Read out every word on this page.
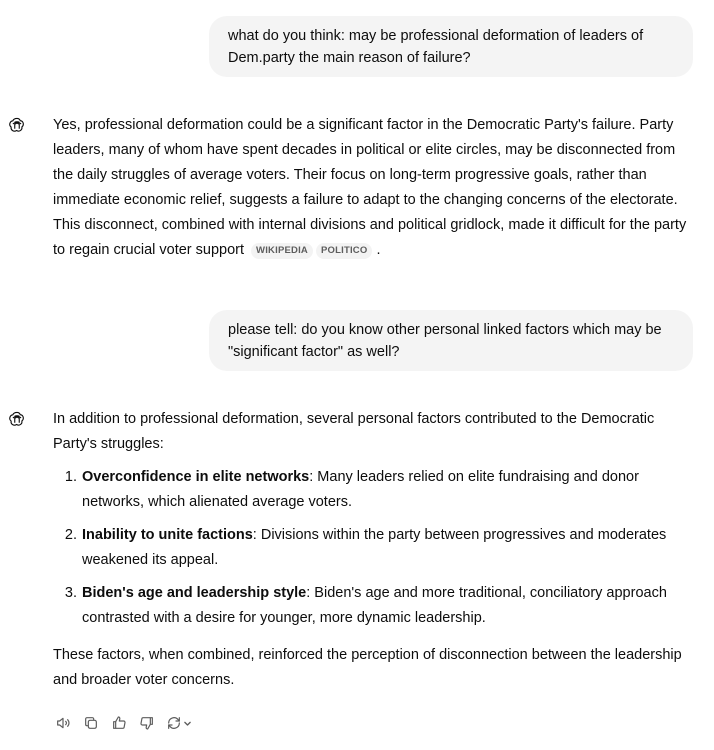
what do you think: may be professional deformation of leaders of Dem.party the main reason of failure?

Yes, professional deformation could be a significant factor in the Democratic Party's failure. Party leaders, many of whom have spent decades in political or elite circles, may be disconnected from the daily struggles of average voters. Their focus on long-term progressive goals, rather than immediate economic relief, suggests a failure to adapt to the changing concerns of the electorate. This disconnect, combined with internal divisions and political gridlock, made it difficult for the party to regain crucial voter support WIKIPEDIA POLITICO .

please tell: do you know other personal linked factors which may be "significant factor" as well?

In addition to professional deformation, several personal factors contributed to the Democratic Party's struggles:

1. Overconfidence in elite networks: Many leaders relied on elite fundraising and donor networks, which alienated average voters.
2. Inability to unite factions: Divisions within the party between progressives and moderates weakened its appeal.
3. Biden's age and leadership style: Biden's age and more traditional, conciliatory approach contrasted with a desire for younger, more dynamic leadership.

These factors, when combined, reinforced the perception of disconnection between the leadership and broader voter concerns.
